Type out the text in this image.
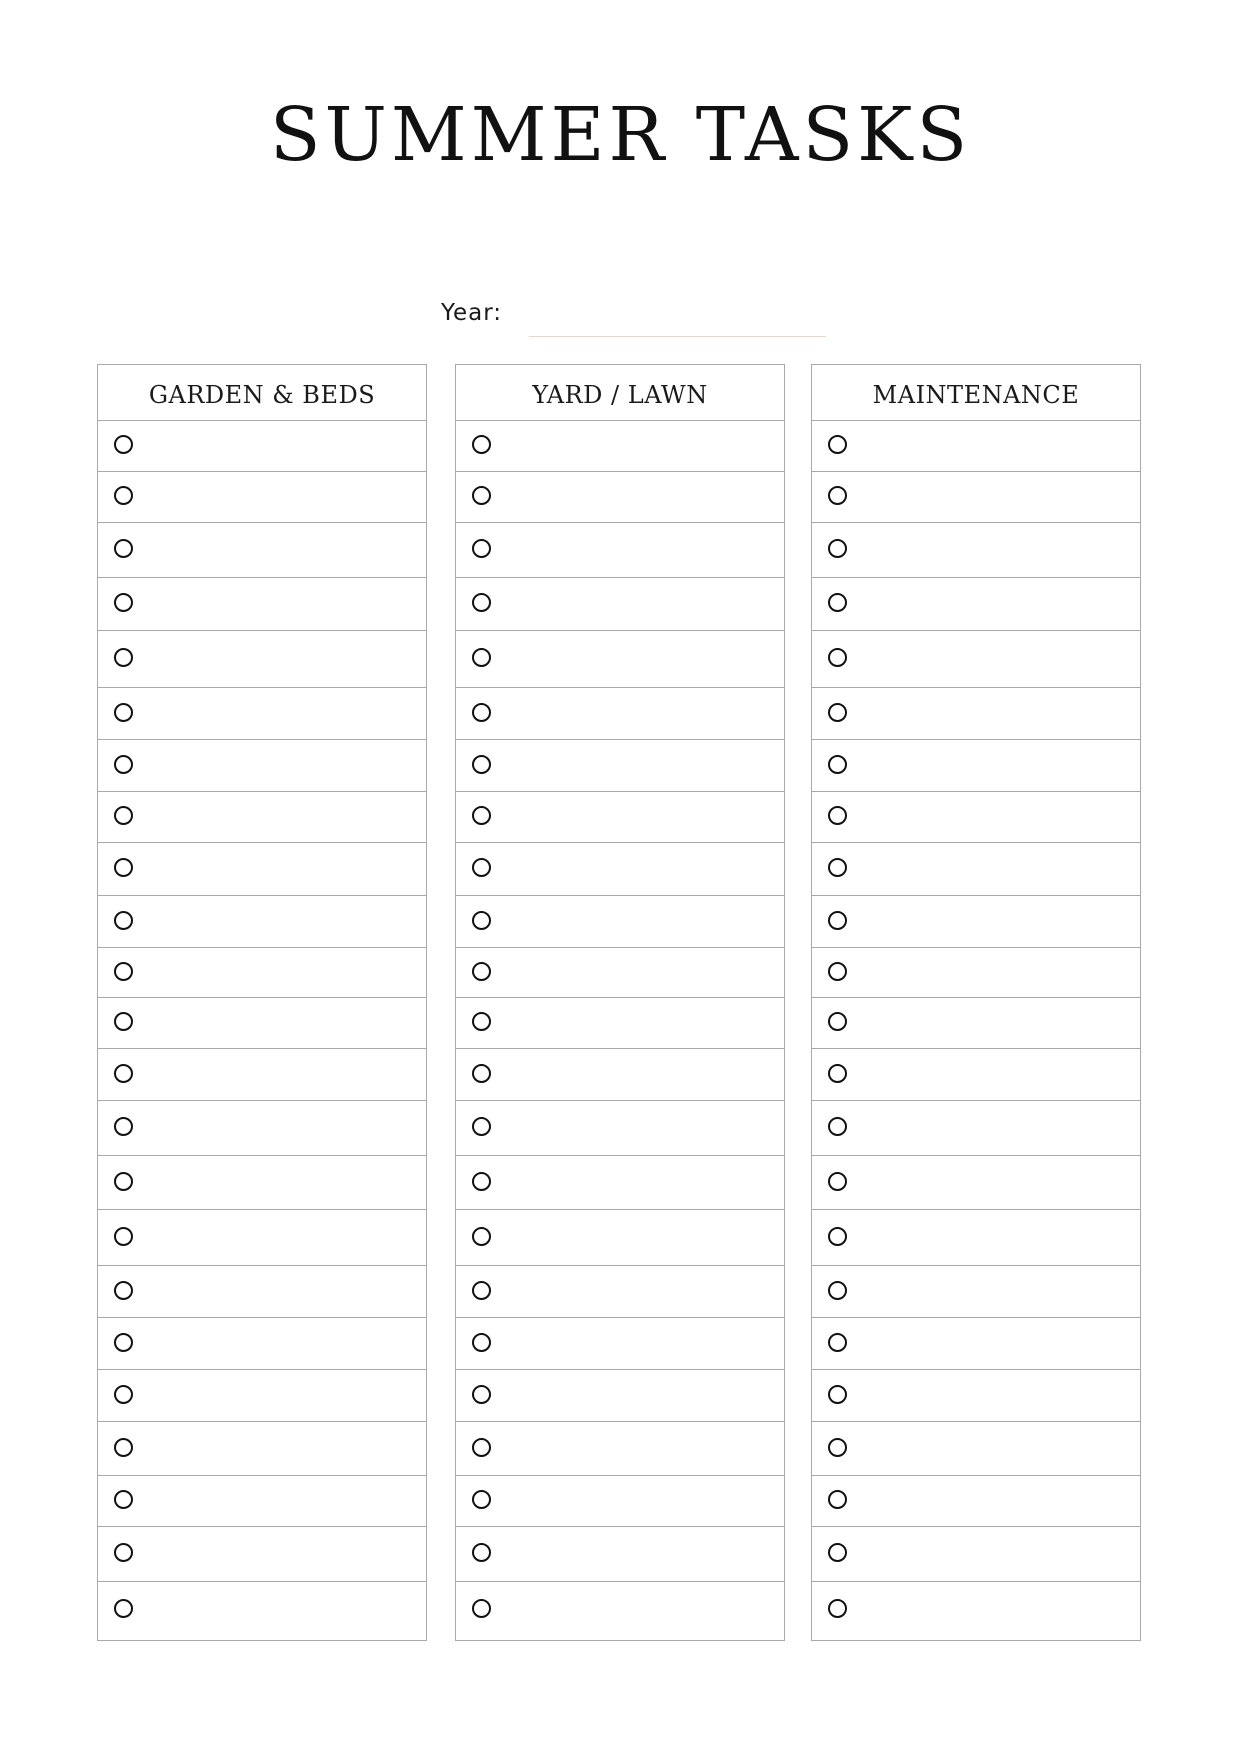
SUMMER TASKS
Year:
GARDEN & BEDS	YARD / LAWN	MAINTENANCE
